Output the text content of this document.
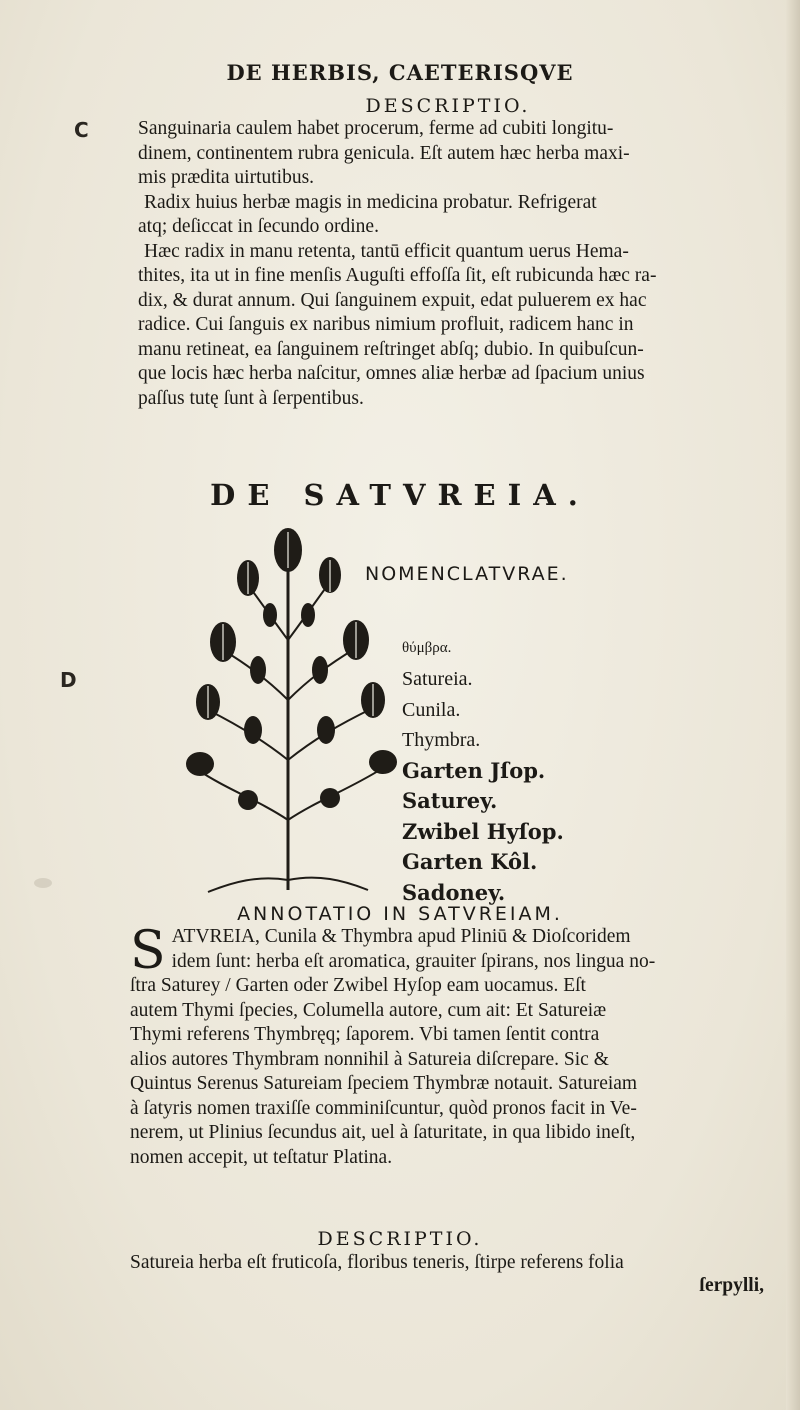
C
D
DE HERBIS, CAETERISQVE
DESCRIPTIO.

Sanguinaria caulem habet procerum, ferme ad cubiti longitu-

dinem, continentem rubra genicula. Eſt autem hæc herba maxi-

mis prædita uirtutibus.

Radix huius herbæ magis in medicina probatur. Refrigerat

atq; deſiccat in ſecundo ordine.

Hæc radix in manu retenta, tantū efficit quantum uerus Hema-

thites, ita ut in fine menſis Auguſti effoſſa ſit, eſt rubicunda hæc ra-

dix, & durat annum. Qui ſanguinem expuit, edat puluerem ex hac

radice. Cui ſanguis ex naribus nimium profluit, radicem hanc in

manu retineat, ea ſanguinem reſtringet abſq; dubio. In quibuſcun-

que locis hæc herba naſcitur, omnes aliæ herbæ ad ſpacium unius

paſſus tutę ſunt à ſerpentibus.

DE SATVREIA.
NOMENCLATVRAE.
θύμβρα.
Satureia.
Cunila.
Thymbra.
Garten Jſop.
Saturey.
Zwibel Hyſop.
Garten Kôl.
Sadoney.
ANNOTATIO IN SATVREIAM.
S ATVREIA, Cunila & Thymbra apud Pliniū & Dioſcoridem

idem ſunt: herba eſt aromatica, grauiter ſpirans, nos lingua no-

ſtra Saturey / Garten oder Zwibel Hyſop eam uocamus. Eſt

autem Thymi ſpecies, Columella autore, cum ait: Et Satureiæ

Thymi referens Thymbręq; ſaporem. Vbi tamen ſentit contra

alios autores Thymbram nonnihil à Satureia diſcrepare. Sic &

Quintus Serenus Satureiam ſpeciem Thymbræ notauit. Satureiam

à ſatyris nomen traxiſſe comminiſcuntur, quòd pronos facit in Ve-

nerem, ut Plinius ſecundus ait, uel à ſaturitate, in qua libido ineſt,

nomen accepit, ut teſtatur Platina.

DESCRIPTIO.

Satureia herba eſt fruticoſa, floribus teneris, ſtirpe referens folia

ſerpylli,
